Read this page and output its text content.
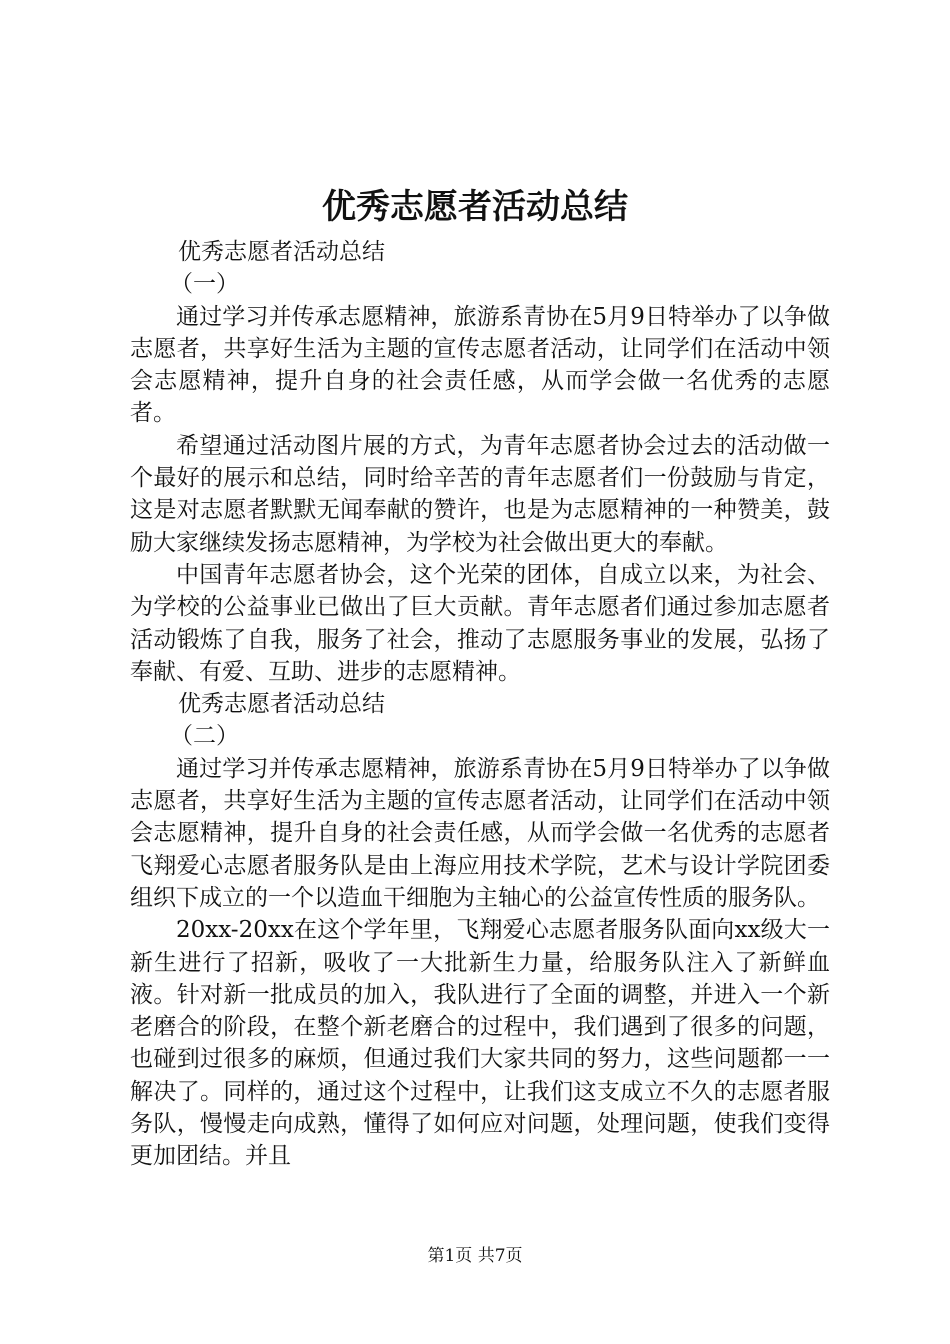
优秀志愿者活动总结

优秀志愿者活动总结

（一）

通过学习并传承志愿精神，旅游系青协在5月9日特举办了以争做志愿者，共享好生活为主题的宣传志愿者活动，让同学们在活动中领会志愿精神，提升自身的社会责任感，从而学会做一名优秀的志愿者。

希望通过活动图片展的方式，为青年志愿者协会过去的活动做一个最好的展示和总结，同时给辛苦的青年志愿者们一份鼓励与肯定，这是对志愿者默默无闻奉献的赞许，也是为志愿精神的一种赞美，鼓励大家继续发扬志愿精神，为学校为社会做出更大的奉献。

中国青年志愿者协会，这个光荣的团体，自成立以来，为社会、为学校的公益事业已做出了巨大贡献。青年志愿者们通过参加志愿者活动锻炼了自我，服务了社会，推动了志愿服务事业的发展，弘扬了奉献、有爱、互助、进步的志愿精神。

优秀志愿者活动总结

（二）

通过学习并传承志愿精神，旅游系青协在5月9日特举办了以争做志愿者，共享好生活为主题的宣传志愿者活动，让同学们在活动中领会志愿精神，提升自身的社会责任感，从而学会做一名优秀的志愿者飞翔爱心志愿者服务队是由上海应用技术学院，艺术与设计学院团委组织下成立的一个以造血干细胞为主轴心的公益宣传性质的服务队。

20xx-20xx在这个学年里，飞翔爱心志愿者服务队面向xx级大一新生进行了招新，吸收了一大批新生力量，给服务队注入了新鲜血液。针对新一批成员的加入，我队进行了全面的调整，并进入一个新老磨合的阶段，在整个新老磨合的过程中，我们遇到了很多的问题，也碰到过很多的麻烦，但通过我们大家共同的努力，这些问题都一一解决了。同样的，通过这个过程中，让我们这支成立不久的志愿者服务队，慢慢走向成熟，懂得了如何应对问题，处理问题，使我们变得更加团结。并且

第1页 共7页
